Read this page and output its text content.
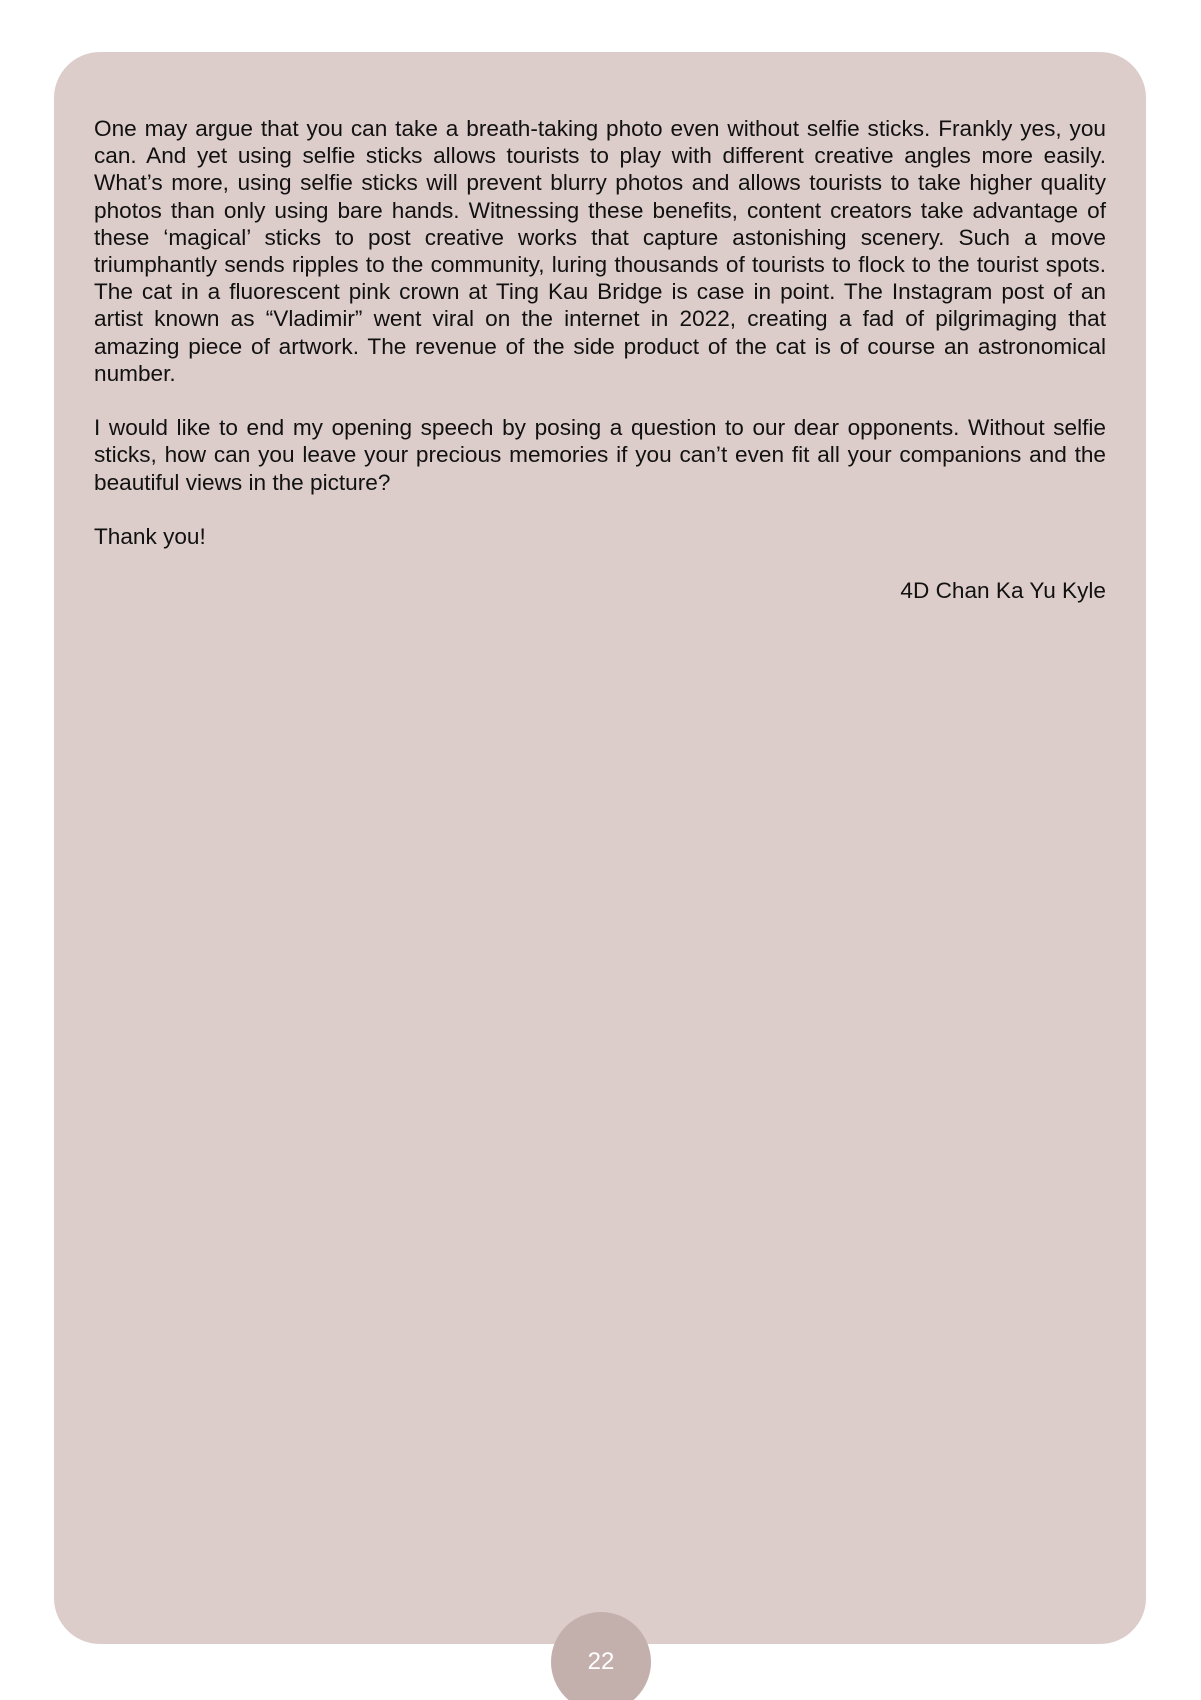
One may argue that you can take a breath-taking photo even without selfie sticks. Frankly yes, you can. And yet using selfie sticks allows tourists to play with different creative angles more easily. What’s more, using selfie sticks will prevent blurry photos and allows tourists to take higher quality photos than only using bare hands. Witnessing these benefits, content creators take advantage of these ‘magical’ sticks to post creative works that capture astonishing scenery. Such a move triumphantly sends ripples to the community, luring thousands of tourists to flock to the tourist spots. The cat in a fluorescent pink crown at Ting Kau Bridge is case in point. The Instagram post of an artist known as “Vladimir” went viral on the internet in 2022, creating a fad of pilgrimaging that amazing piece of artwork. The revenue of the side product of the cat is of course an astronomical number.

I would like to end my opening speech by posing a question to our dear opponents. Without selfie sticks, how can you leave your precious memories if you can’t even fit all your companions and the beautiful views in the picture?

Thank you!

4D Chan Ka Yu Kyle

22
